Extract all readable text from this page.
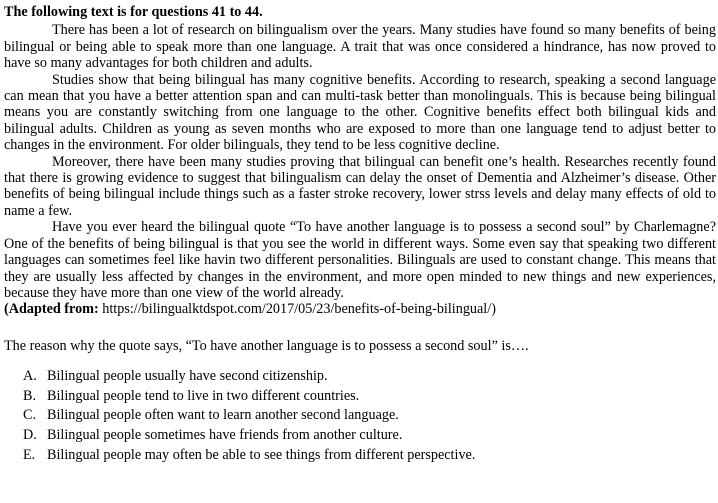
The following text is for questions 41 to 44.

There has been a lot of research on bilingualism over the years. Many studies have found so many benefits of being bilingual or being able to speak more than one language. A trait that was once considered a hindrance, has now proved to have so many advantages for both children and adults.

Studies show that being bilingual has many cognitive benefits. According to research, speaking a second language can mean that you have a better attention span and can multi-task better than monolinguals. This is because being bilingual means you are constantly switching from one language to the other. Cognitive benefits effect both bilingual kids and bilingual adults. Children as young as seven months who are exposed to more than one language tend to adjust better to changes in the environment. For older bilinguals, they tend to be less cognitive decline.

Moreover, there have been many studies proving that bilingual can benefit one’s health. Researches recently found that there is growing evidence to suggest that bilingualism can delay the onset of Dementia and Alzheimer’s disease. Other benefits of being bilingual include things such as a faster stroke recovery, lower strss levels and delay many effects of old to name a few.

Have you ever heard the bilingual quote “To have another language is to possess a second soul” by Charlemagne? One of the benefits of being bilingual is that you see the world in different ways. Some even say that speaking two different languages can sometimes feel like havin two different personalities. Bilinguals are used to constant change. This means that they are usually less affected by changes in the environment, and more open minded to new things and new experiences, because they have more than one view of the world already.

(Adapted from: https://bilingualktdspot.com/2017/05/23/benefits-of-being-bilingual/)

The reason why the quote says, “To have another language is to possess a second soul” is….

A. Bilingual people usually have second citizenship.
B. Bilingual people tend to live in two different countries.
C. Bilingual people often want to learn another second language.
D. Bilingual people sometimes have friends from another culture.
E. Bilingual people may often be able to see things from different perspective.
